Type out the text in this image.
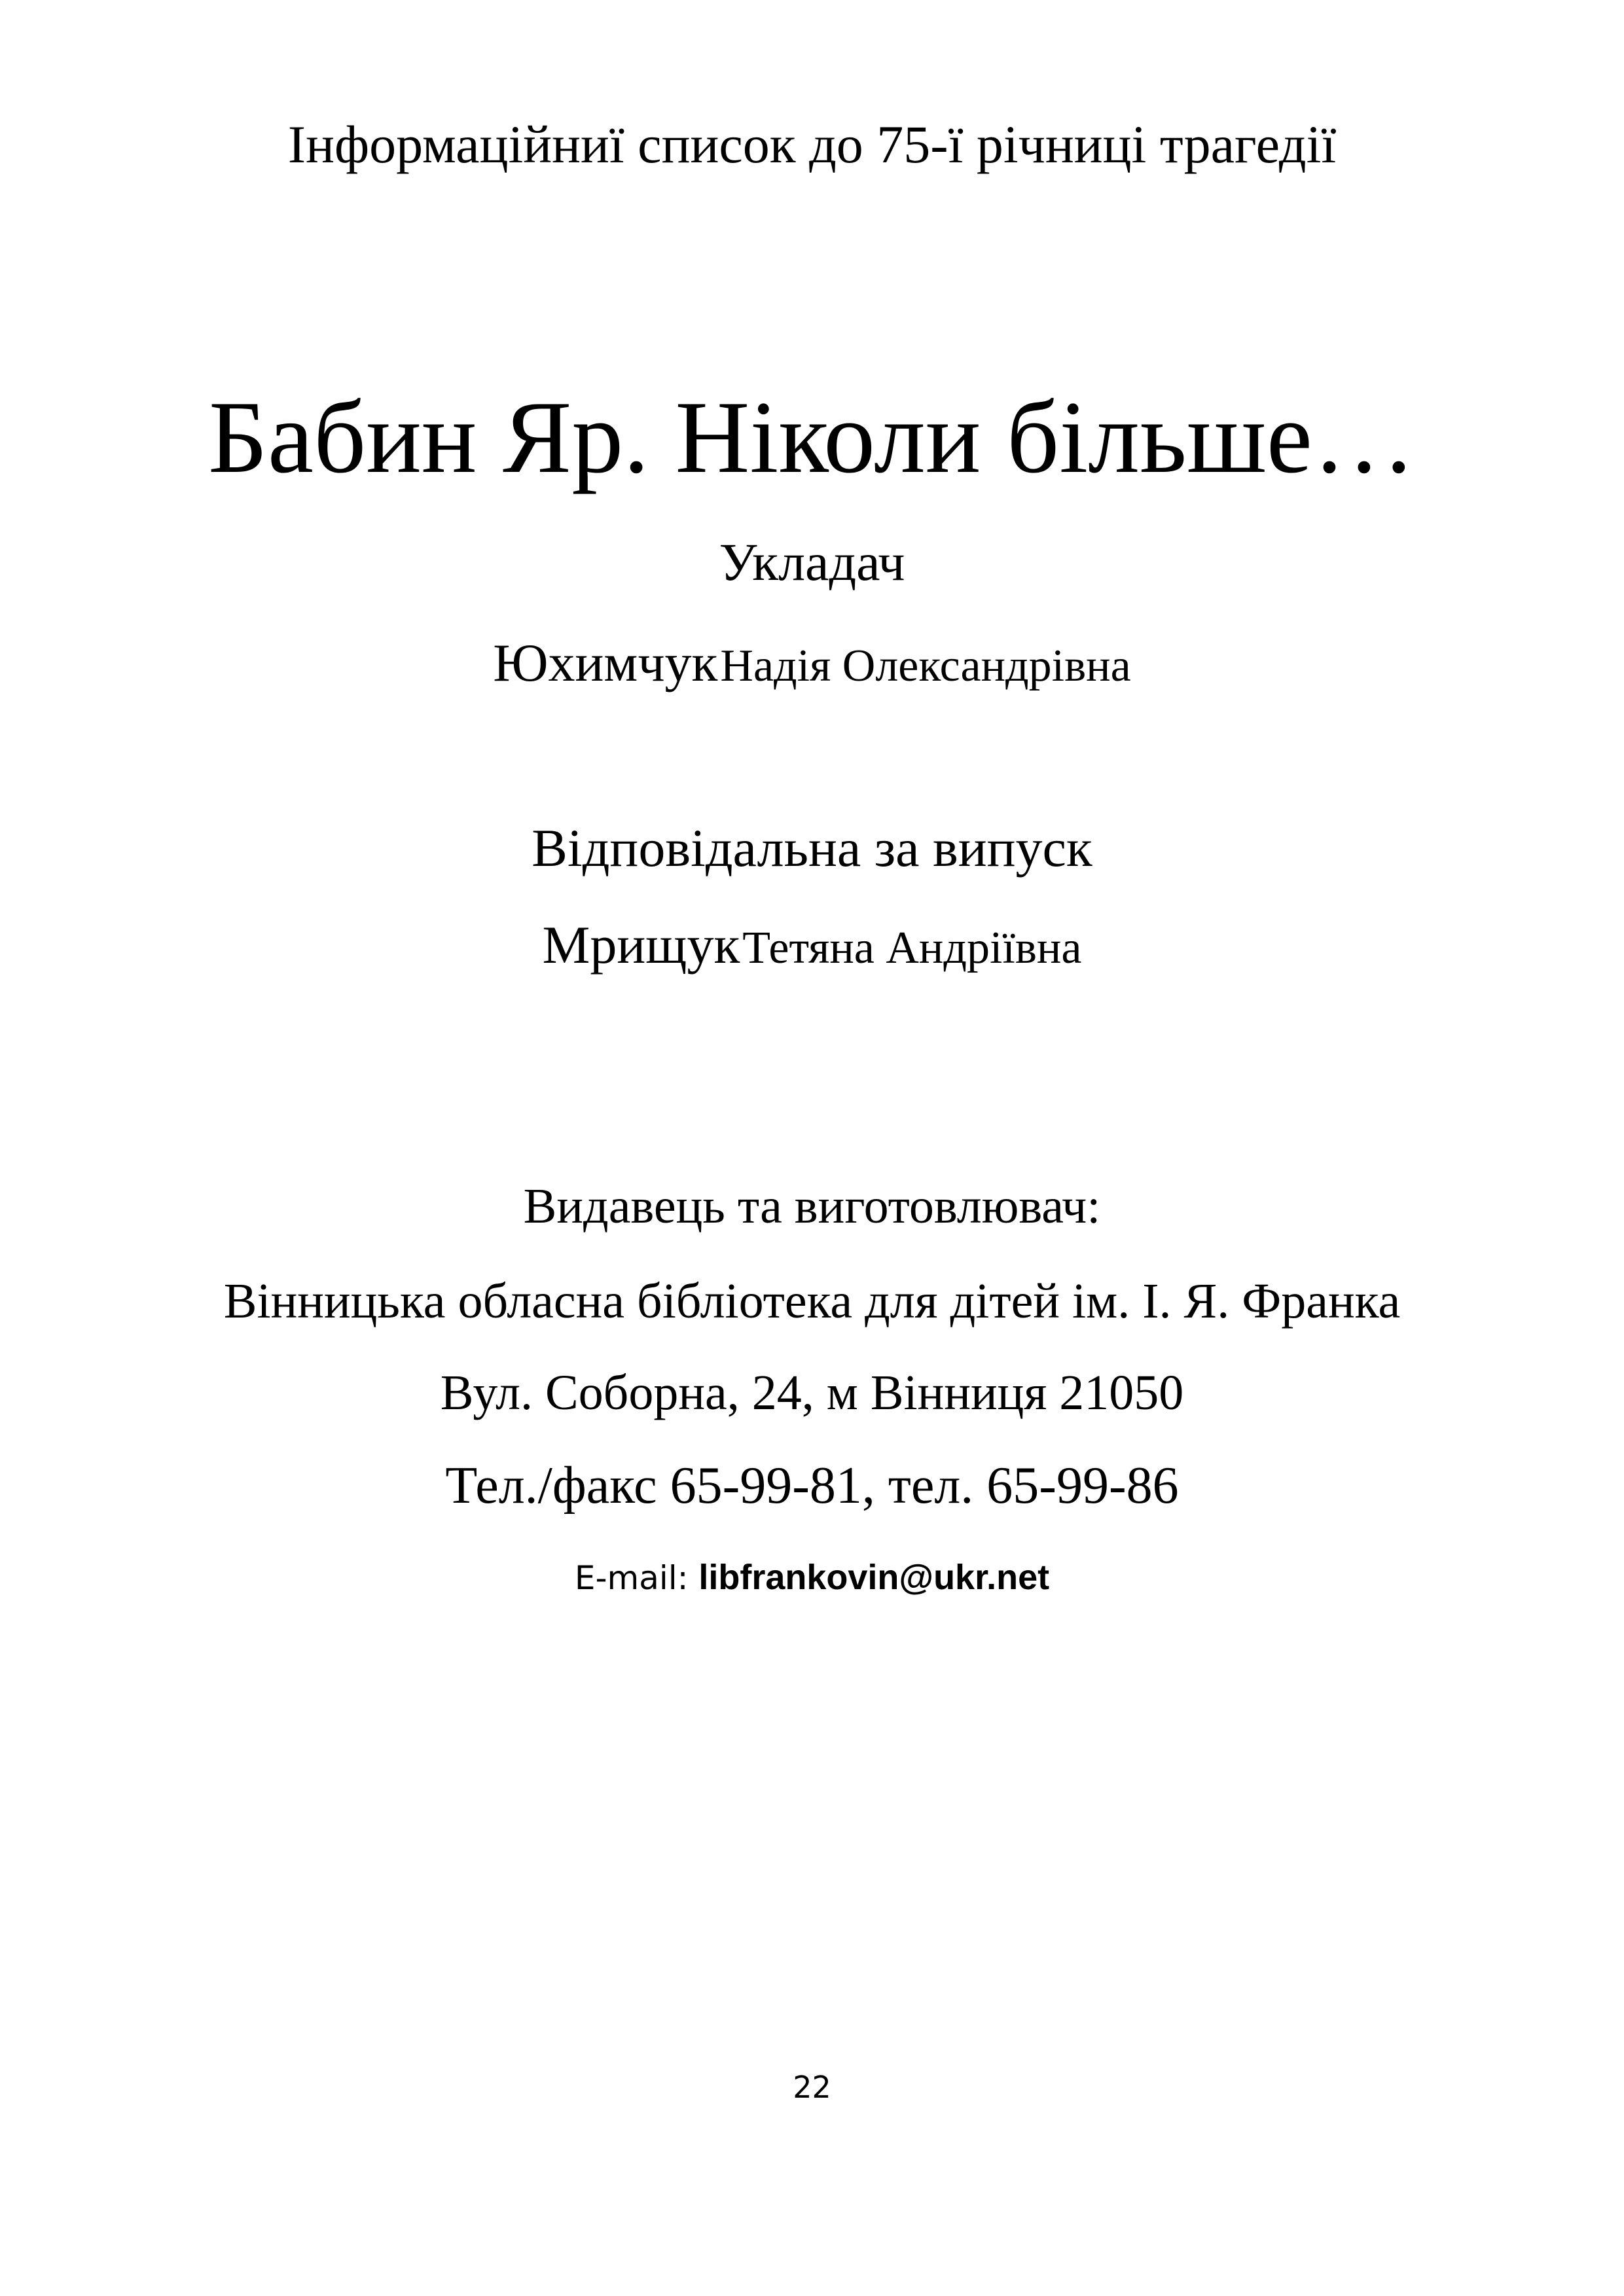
Інформаційниї список до 75-ї річниці трагедії
Бабин Яр. Ніколи більше…
Укладач
Юхимчук Надія Олександрівна
Відповідальна за випуск
Мрищук Тетяна Андріївна
Видавець та виготовлювач:
Вінницька обласна бібліотека для дітей ім. І. Я. Франка
Вул. Соборна, 24, м Вінниця 21050
Тел./факс 65-99-81, тел. 65-99-86
E-mail: libfrankovin@ukr.net
22
